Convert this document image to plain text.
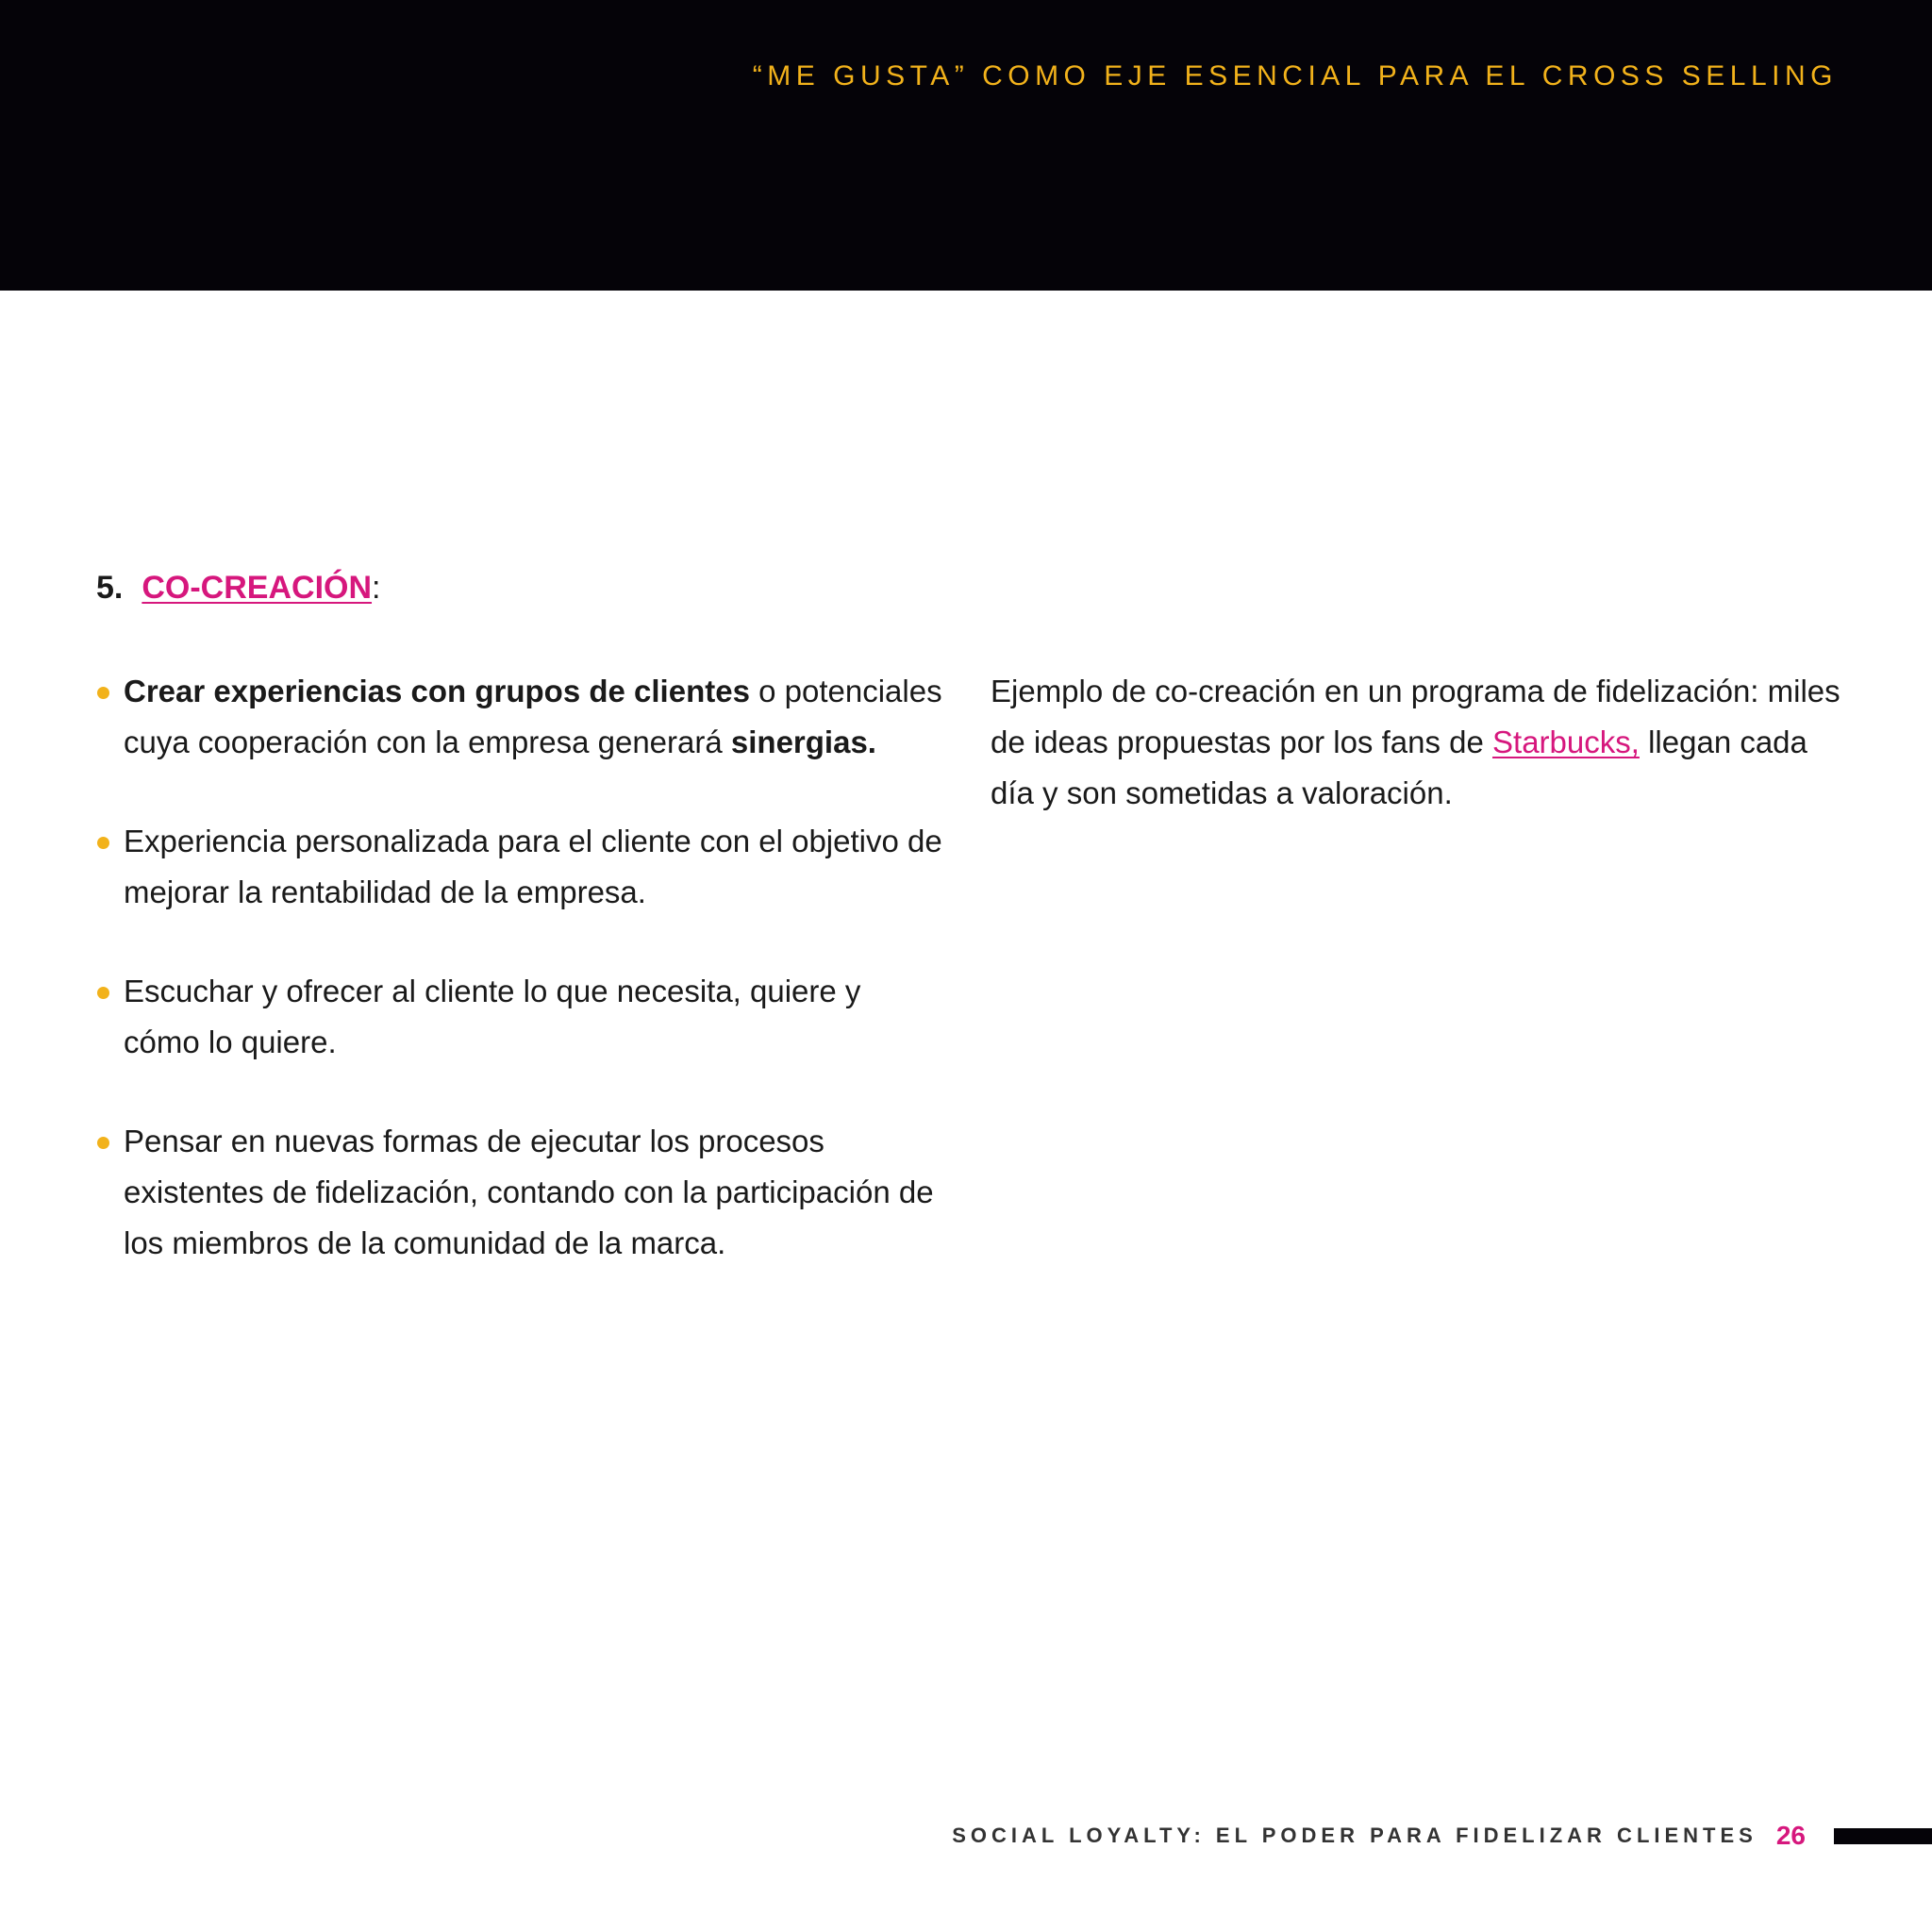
“ME GUSTA” COMO EJE ESENCIAL PARA EL CROSS SELLING
5. CO-CREACIÓN:
Crear experiencias con grupos de clientes o potenciales cuya cooperación con la empresa generará sinergias.
Experiencia personalizada para el cliente con el objetivo de mejorar la rentabilidad de la empresa.
Escuchar y ofrecer al cliente lo que necesita, quiere y cómo lo quiere.
Pensar en nuevas formas de ejecutar los procesos existentes de fidelización, contando con la participación de los miembros de la comunidad de la marca.
Ejemplo de co-creación en un programa de fidelización: miles de ideas propuestas por los fans de Starbucks, llegan cada día y son sometidas a valoración.
SOCIAL LOYALTY: EL PODER PARA FIDELIZAR CLIENTES 26
